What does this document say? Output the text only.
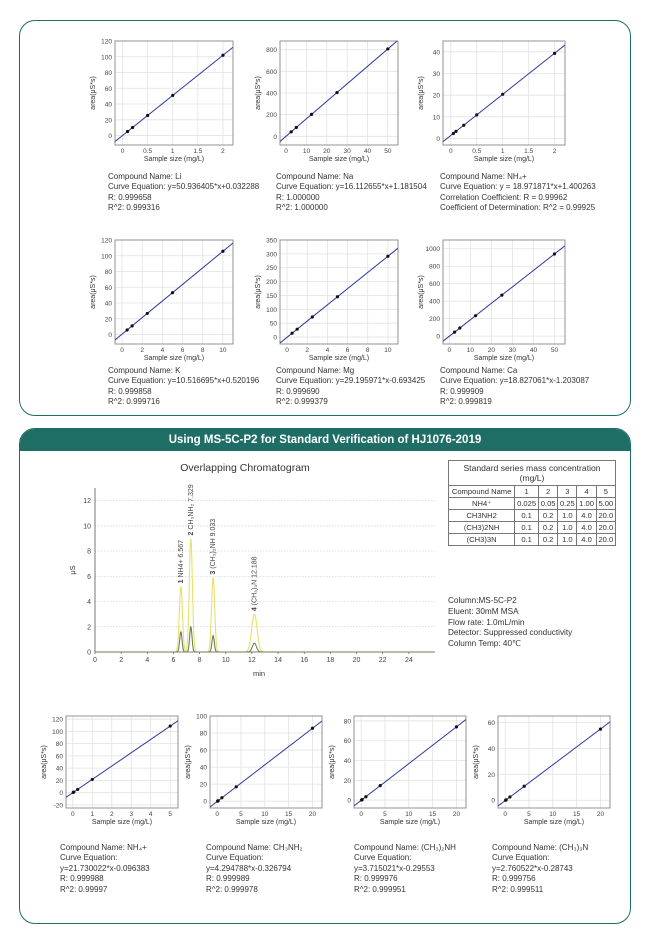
Using MS-5C-P2 for Standard Verification of HJ1076-2019
0
20
40
60
80
100
120
0	0.5	1	1.5	2
Sample size (mg/L)
area(μS*s)
0
200
400
600
800
0 10 20 30 40 50
Sample size (mg/L)
area(μS*s)
0
10
20
30
40
0	0.5	1	1.5	2
Sample size (mg/L)
area(μS*s)
0
20
40
60
80
100
120
0	2	4	6	8 10
Sample size (mg/L)
area(μS*s)
0
50
100
150
200
250
300
350
0	2	4	6	8 10
Sample size (mg/L)
area(μS*s)
0
200
400
600
800
1000
0 10 20 30 40 50
Sample size (mg/L)
area(μS*s)
-20
0
20
40
60
80
100
120
0 1 2 3 4 5
Sample size (mg/L)
area(μS*s)
0
20
40
60
80
100
0	5	10	15	20
Sample size (mg/L)
area(μS*s)
0
20
40
60
80
0	5	10	15	20
Sample size (mg/L)
area(μS*s)
0
20
40
60
0	5	10	15	20
Sample size (mg/L)
area(μS*s)
0
2
4
6
8
10
12
0	2	4	6	8	10	12	14	16	18	20	22	24
1 NH4+ 6.567
2 CH₃NH₂ 7.329
3 (CH₃)₂NH 9.033
4 (CH₃)₃N 12.188
μS
min
Overlapping Chromatogram	Standard series mass concentration (mg/L)					
Compound Name	1	2	3	4	5
NH4⁺	0.025	0.05	0.25	1.00	5.00
CH3NH2	0.1	0.2	1.0	4.0	20.0
(CH3)2NH	0.1	0.2	1.0	4.0	20.0
(CH3)3N	0.1	0.2	1.0	4.0	20.0
Column:MS-5C-P2
Eluent: 30mM MSA
Flow rate: 1.0mL/min
Detector: Suppressed conductivity
Column Temp: 40℃
Compound Name: Li
Curve Equation: y=50.936405*x+0.032288
R: 0.999658
R^2: 0.999316
Compound Name: Na
Curve Equation: y=16.112655*x+1.181504
R: 1.000000
R^2: 1.000000
Compound Name: NH₄+
Curve Equation: y = 18.971871*x+1.400263
Correlation Coefficient: R = 0.99962
Coefficient of Determination: R^2 = 0.99925
Compound Name: K
Curve Equation: y=10.516695*x+0.520196
R: 0.999858
R^2: 0.999716
Compound Name: Mg
Curve Equation: y=29.195971*x-0.693425
R: 0.999690
R^2: 0.999379
Compound Name: Ca
Curve Equation: y=18.827061*x-1.203087
R: 0.999909
R^2: 0.999819
Compound Name: NH₄+
Curve Equation:
y=21.730022*x-0.096383
R: 0.999988
R^2: 0.99997
Compound Name: CH₃NH₂
Curve Equation:
y=4.294788*x-0.326794
R: 0.999989
R^2: 0.999978
Compound Name: (CH₃)₂NH
Curve Equation:
y=3.715021*x-0.29553
R: 0.999976
R^2: 0.999951
Compound Name: (CH₃)₃N
Curve Equation:
y=2.760522*x-0.28743
R: 0.999756
R^2: 0.999511
